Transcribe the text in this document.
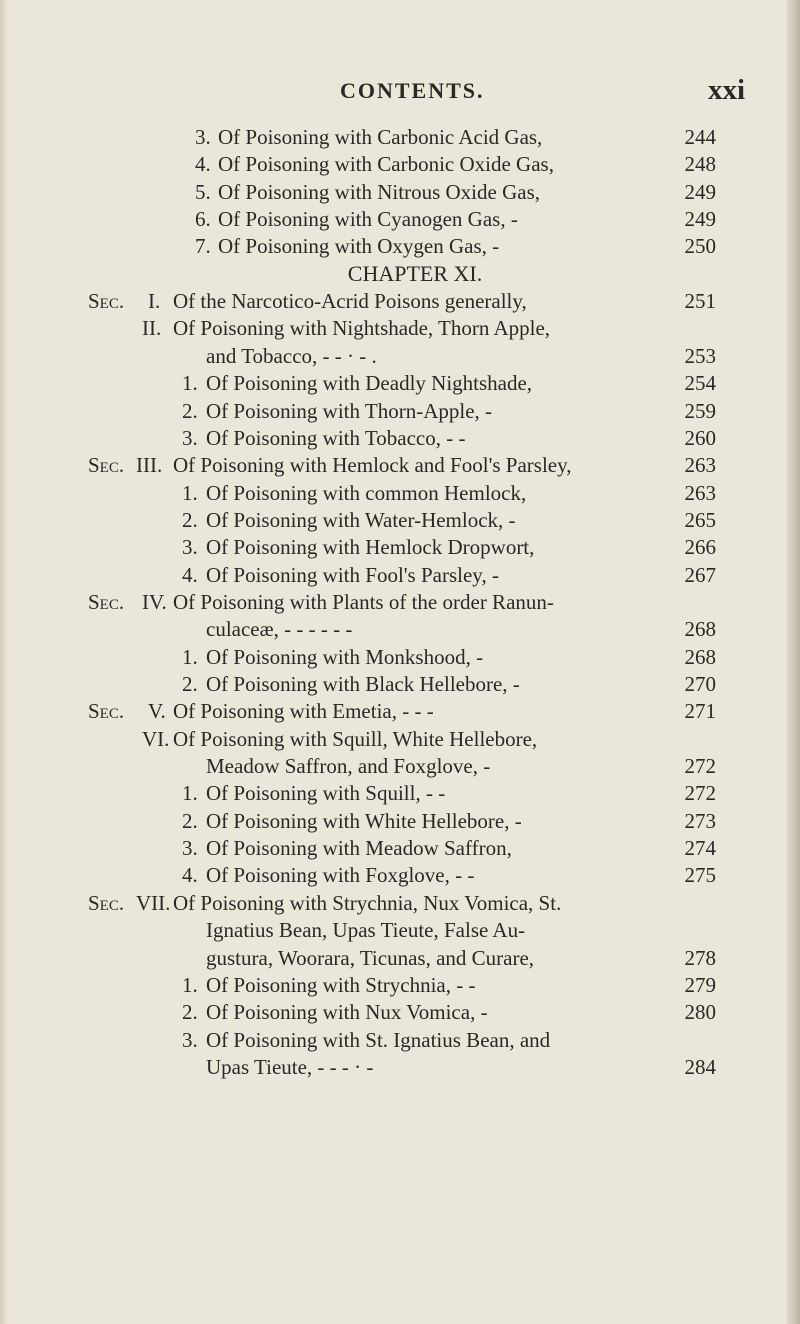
CONTENTS.	xxi
3. Of Poisoning with Carbonic Acid Gas,	244
4. Of Poisoning with Carbonic Oxide Gas,	248
5. Of Poisoning with Nitrous Oxide Gas,	249
6. Of Poisoning with Cyanogen Gas, -	249
7. Of Poisoning with Oxygen Gas, -	250
CHAPTER XI.
Sec. I. Of the Narcotico-Acrid Poisons generally,	251
II. Of Poisoning with Nightshade, Thorn Apple,
and Tobacco, - - · - .	253
1. Of Poisoning with Deadly Nightshade,	254
2. Of Poisoning with Thorn-Apple, -	259
3. Of Poisoning with Tobacco, - -	260
Sec. III. Of Poisoning with Hemlock and Fool's Parsley,	263
1. Of Poisoning with common Hemlock,	263
2. Of Poisoning with Water-Hemlock, -	265
3. Of Poisoning with Hemlock Dropwort,	266
4. Of Poisoning with Fool's Parsley, -	267
Sec. IV. Of Poisoning with Plants of the order Ranun-
culaceæ, - - - - - -	268
1. Of Poisoning with Monkshood, -	268
2. Of Poisoning with Black Hellebore, -	270
Sec. V. Of Poisoning with Emetia, - - -	271
VI. Of Poisoning with Squill, White Hellebore,
Meadow Saffron, and Foxglove, -	272
1. Of Poisoning with Squill, - -	272
2. Of Poisoning with White Hellebore, -	273
3. Of Poisoning with Meadow Saffron,	274
4. Of Poisoning with Foxglove, - -	275
Sec. VII. Of Poisoning with Strychnia, Nux Vomica, St.
Ignatius Bean, Upas Tieute, False Au-
gustura, Woorara, Ticunas, and Curare,	278
1. Of Poisoning with Strychnia, - -	279
2. Of Poisoning with Nux Vomica, -	280
3. Of Poisoning with St. Ignatius Bean, and
Upas Tieute, - - - · -	284
